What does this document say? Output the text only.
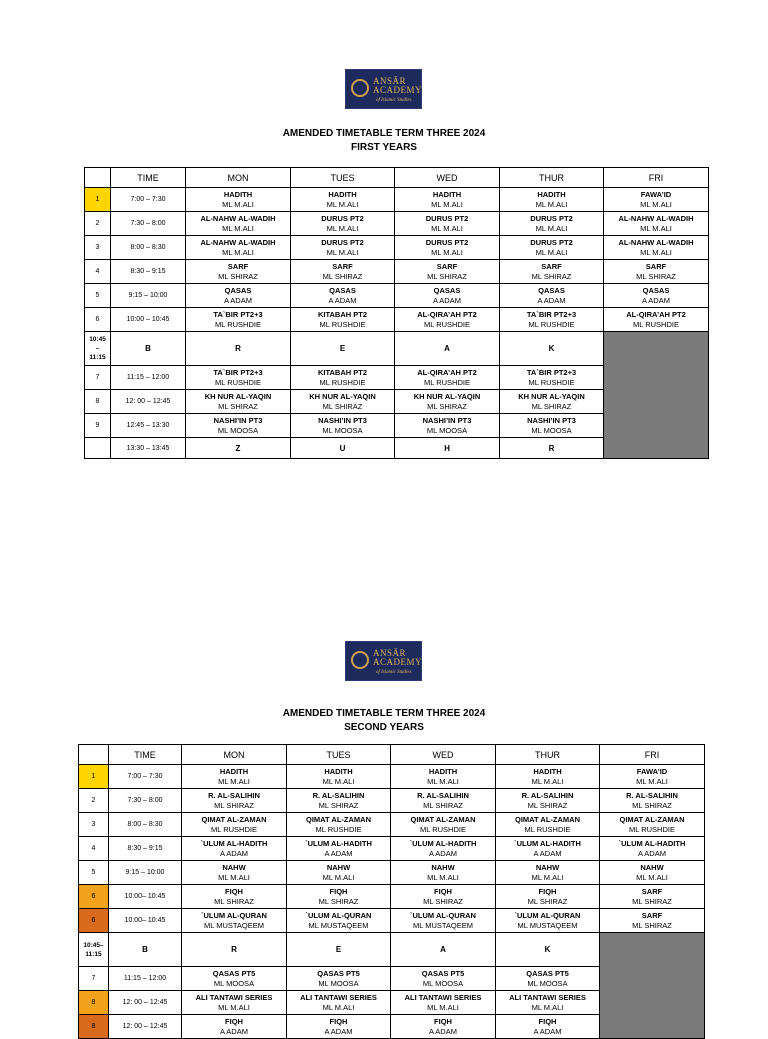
ANSĀR
ACADEMY
of Islamic Studies
AMENDED TIMETABLE TERM THREE 2024
FIRST YEARS
	TIME	MON	TUES	WED	THUR	FRI
1	7:00 – 7:30	HADITH
ML M.ALI	HADITH
ML M.ALI	HADITH
ML M.ALI	HADITH
ML M.ALI	FAWA’ID
ML M.ALI

2	7:30 – 8:00	AL-NAHW AL-WADIH
ML M.ALI	DURUS PT2
ML M.ALI	DURUS PT2
ML M.ALI	DURUS PT2
ML M.ALI	AL-NAHW AL-WADIH
ML M.ALI

3	8:00 – 8:30	AL-NAHW AL-WADIH
ML M.ALI	DURUS PT2
ML M.ALI	DURUS PT2
ML M.ALI	DURUS PT2
ML M.ALI	AL-NAHW AL-WADIH
ML M.ALI

4	8:30 – 9:15	SARF
ML SHIRAZ	SARF
ML SHIRAZ	SARF
ML SHIRAZ	SARF
ML SHIRAZ	SARF
ML SHIRAZ

5	9:15 – 10:00	QASAS
A ADAM	QASAS
A ADAM	QASAS
A ADAM	QASAS
A ADAM	QASAS
A ADAM

6	10:00 – 10:45	TA`BIR PT2+3
ML RUSHDIE	KITABAH PT2
ML RUSHDIE	AL-QIRA’AH PT2
ML RUSHDIE	TA`BIR PT2+3
ML RUSHDIE	AL-QIRA’AH PT2
ML RUSHDIE

10:45
–
11:15	B	R	E	A	K	
7	11:15 – 12:00	TA`BIR PT2+3
ML RUSHDIE	KITABAH PT2
ML RUSHDIE	AL-QIRA’AH PT2
ML RUSHDIE	TA`BIR PT2+3
ML RUSHDIE	

8	12: 00 – 12:45	KH NUR AL-YAQIN
ML SHIRAZ	KH NUR AL-YAQIN
ML SHIRAZ	KH NUR AL-YAQIN
ML SHIRAZ	KH NUR AL-YAQIN
ML SHIRAZ	

9	12:45 – 13:30	NASHI’IN PT3
ML MOOSA	NASHI’IN PT3
ML MOOSA	NASHI’IN PT3
ML MOOSA	NASHI’IN PT3
ML MOOSA	

	13:30 – 13:45	Z	U	H	R	
ANSĀR
ACADEMY
of Islamic Studies
AMENDED TIMETABLE TERM THREE 2024
SECOND YEARS
	TIME	MON	TUES	WED	THUR	FRI
1	7:00 – 7:30	HADITH
ML M.ALI	HADITH
ML M.ALI	HADITH
ML M.ALI	HADITH
ML M.ALI	FAWA’ID
ML M.ALI

2	7:30 – 8:00	R. AL-SALIHIN
ML SHIRAZ	R. AL-SALIHIN
ML SHIRAZ	R. AL-SALIHIN
ML SHIRAZ	R. AL-SALIHIN
ML SHIRAZ	R. AL-SALIHIN
ML SHIRAZ

3	8:00 – 8:30	QIMAT AL-ZAMAN
ML RUSHDIE	QIMAT AL-ZAMAN
ML RUSHDIE	QIMAT AL-ZAMAN
ML RUSHDIE	QIMAT AL-ZAMAN
ML RUSHDIE	QIMAT AL-ZAMAN
ML RUSHDIE

4	8:30 – 9:15	`ULUM AL-HADITH
A ADAM	`ULUM AL-HADITH
A ADAM	`ULUM AL-HADITH
A ADAM	`ULUM AL-HADITH
A ADAM	`ULUM AL-HADITH
A ADAM

5	9:15 – 10:00	NAHW
ML M.ALI	NAHW
ML M.ALI	NAHW
ML M.ALI	NAHW
ML M.ALI	NAHW
ML M.ALI

6	10:00– 10:45	FIQH
ML SHIRAZ	FIQH
ML SHIRAZ	FIQH
ML SHIRAZ	FIQH
ML SHIRAZ	SARF
ML SHIRAZ

6	10:00– 10:45	`ULUM AL-QURAN
ML MUSTAQEEM	`ULUM AL-QURAN
ML MUSTAQEEM	`ULUM AL-QURAN
ML MUSTAQEEM	`ULUM AL-QURAN
ML MUSTAQEEM	SARF
ML SHIRAZ

10:45–
11:15	B	R	E	A	K	
7	11:15 – 12:00	QASAS PT5
ML MOOSA	QASAS PT5
ML MOOSA	QASAS PT5
ML MOOSA	QASAS PT5
ML MOOSA	

8	12: 00 – 12:45	ALI TANTAWI SERIES
ML M.ALI	ALI TANTAWI SERIES
ML M.ALI	ALI TANTAWI SERIES
ML M.ALI	ALI TANTAWI SERIES
ML M.ALI	

8	12: 00 – 12:45	FIQH
A ADAM	FIQH
A ADAM	FIQH
A ADAM	FIQH
A ADAM	
